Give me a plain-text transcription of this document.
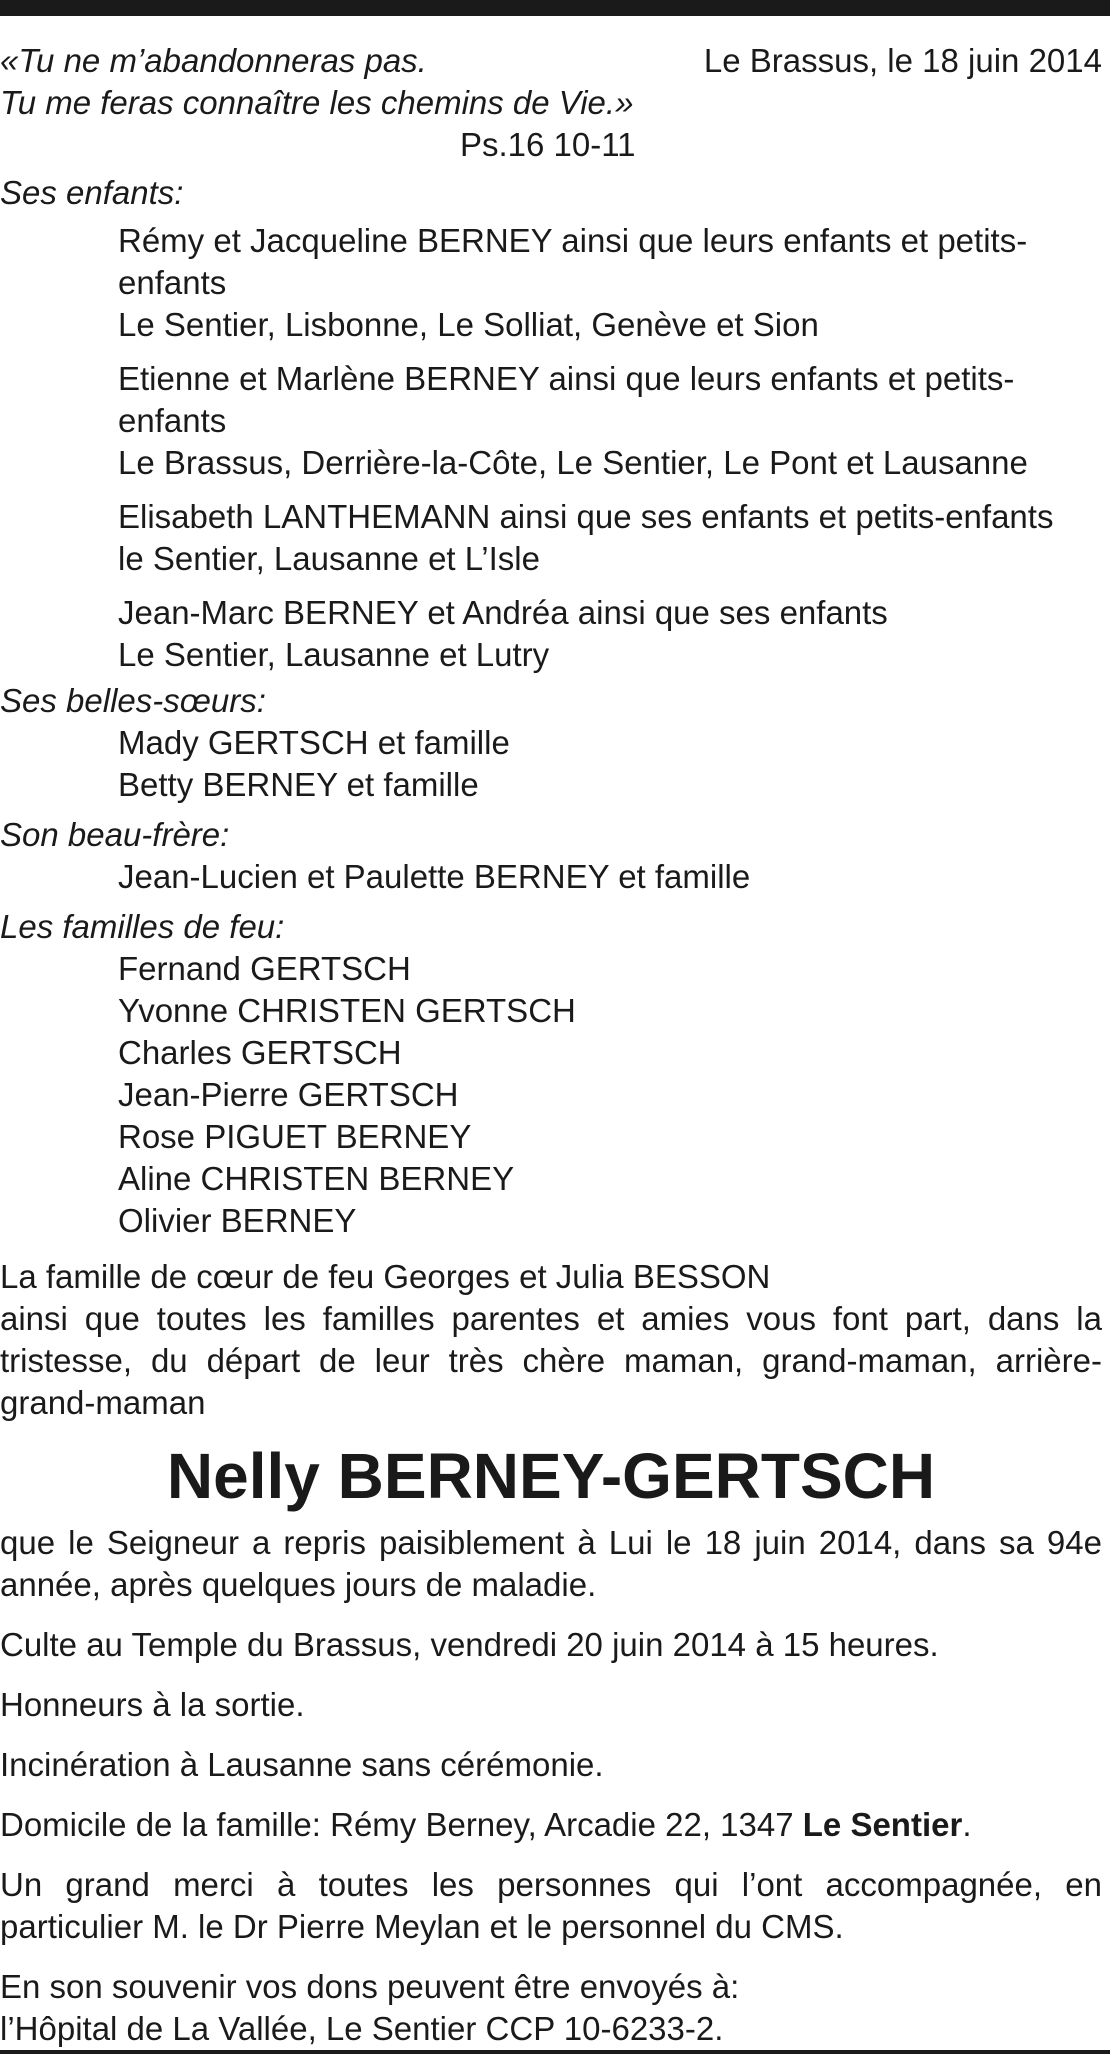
«Tu ne m’abandonneras pas.
Tu me feras connaître les chemins de Vie.»
Ps.16 10-11
Le Brassus, le 18 juin 2014
Ses enfants:
Rémy et Jacqueline BERNEY ainsi que leurs enfants et petits-enfants
Le Sentier, Lisbonne, Le Solliat, Genève et Sion
Etienne et Marlène BERNEY ainsi que leurs enfants et petits-enfants
Le Brassus, Derrière-la-Côte, Le Sentier, Le Pont et Lausanne
Elisabeth LANTHEMANN ainsi que ses enfants et petits-enfants
le Sentier, Lausanne et L’Isle
Jean-Marc BERNEY et Andréa ainsi que ses enfants
Le Sentier, Lausanne et Lutry
Ses belles-sœurs:
Mady GERTSCH et famille
Betty BERNEY et famille
Son beau-frère:
Jean-Lucien et Paulette BERNEY et famille
Les familles de feu:
Fernand GERTSCH
Yvonne CHRISTEN GERTSCH
Charles GERTSCH
Jean-Pierre GERTSCH
Rose PIGUET BERNEY
Aline CHRISTEN BERNEY
Olivier BERNEY
La famille de cœur de feu Georges et Julia BESSON
ainsi que toutes les familles parentes et amies vous font part, dans la tristesse, du départ de leur très chère maman, grand-maman, arrière-grand-maman
Nelly BERNEY-GERTSCH
que le Seigneur a repris paisiblement à Lui le 18 juin 2014, dans sa 94e année, après quelques jours de maladie.
Culte au Temple du Brassus, vendredi 20 juin 2014 à 15 heures.
Honneurs à la sortie.
Incinération à Lausanne sans cérémonie.
Domicile de la famille: Rémy Berney, Arcadie 22, 1347 Le Sentier.
Un grand merci à toutes les personnes qui l’ont accompagnée, en particulier M. le Dr Pierre Meylan et le personnel du CMS.
En son souvenir vos dons peuvent être envoyés à:
l’Hôpital de La Vallée, Le Sentier CCP 10-6233-2.
